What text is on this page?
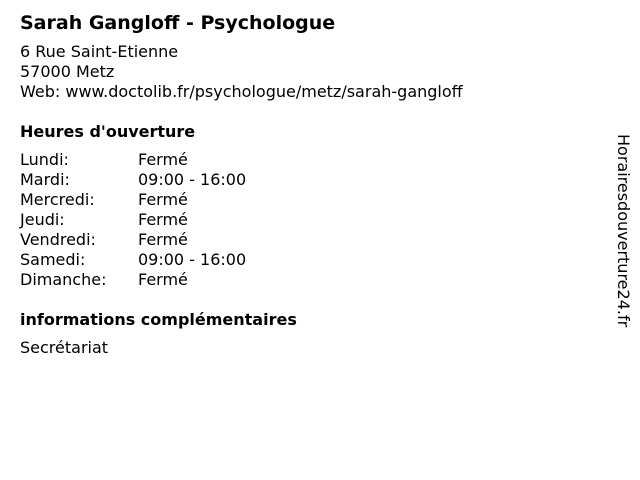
Sarah Gangloff - Psychologue
6 Rue Saint-Etienne
57000 Metz
Web: www.doctolib.fr/psychologue/metz/sarah-gangloff
Heures d'ouverture
Lundi:	Fermé
Mardi:	09:00 - 16:00
Mercredi:	Fermé
Jeudi:	Fermé
Vendredi:	Fermé
Samedi:	09:00 - 16:00
Dimanche:	Fermé
informations complémentaires
Secrétariat
Horairesdouverture24.fr
